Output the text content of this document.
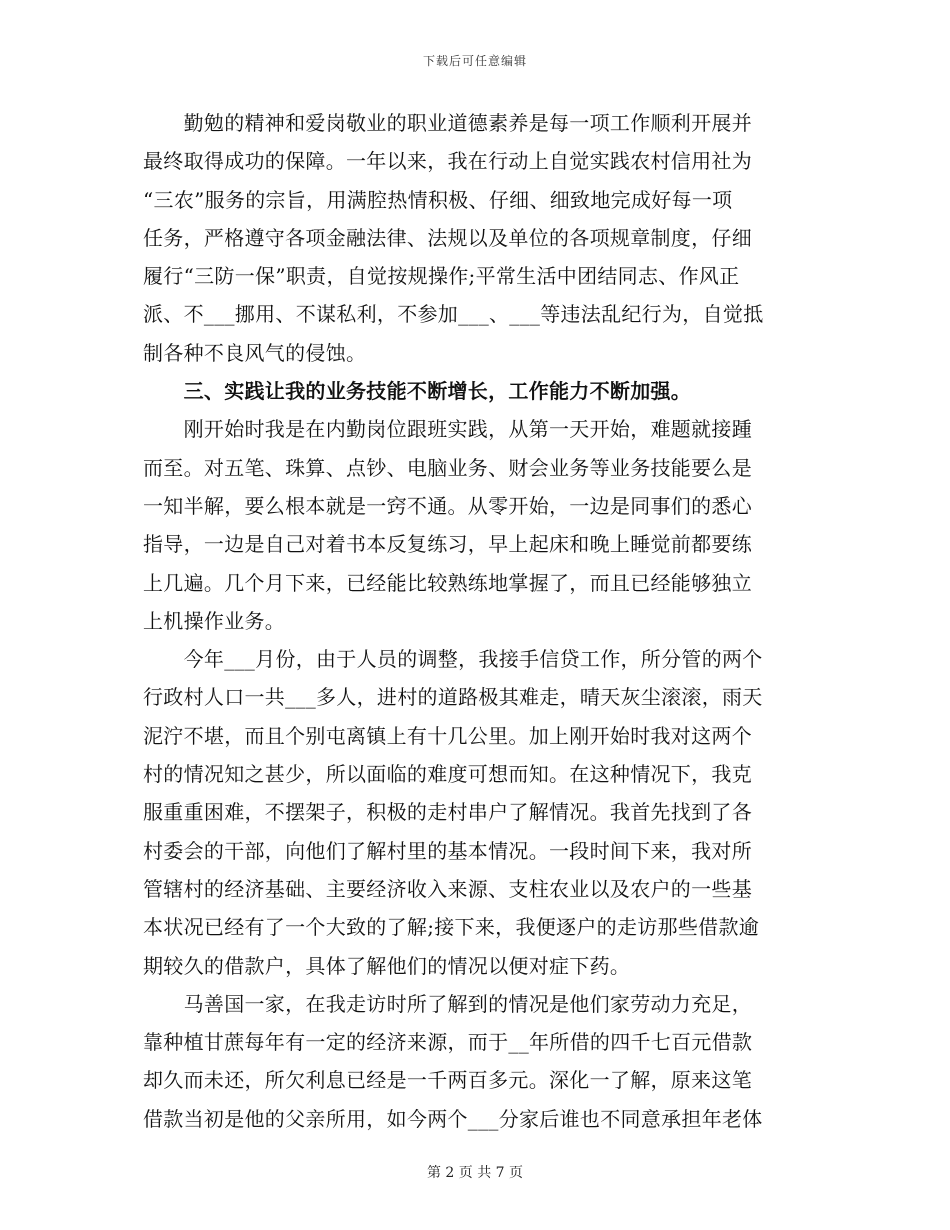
下载后可任意编辑
　　勤勉的精神和爱岗敬业的职业道德素养是每一项工作顺利开展并
最终取得成功的保障。一年以来，我在行动上自觉实践农村信用社为
“三农”服务的宗旨，用满腔热情积极、仔细、细致地完成好每一项
任务，严格遵守各项金融法律、法规以及单位的各项规章制度，仔细
履行“三防一保”职责，自觉按规操作;平常生活中团结同志、作风正
派、不___挪用、不谋私利，不参加___、___等违法乱纪行为，自觉抵
制各种不良风气的侵蚀。
　　三、实践让我的业务技能不断增长，工作能力不断加强。
　　刚开始时我是在内勤岗位跟班实践，从第一天开始，难题就接踵
而至。对五笔、珠算、点钞、电脑业务、财会业务等业务技能要么是
一知半解，要么根本就是一窍不通。从零开始，一边是同事们的悉心
指导，一边是自己对着书本反复练习，早上起床和晚上睡觉前都要练
上几遍。几个月下来，已经能比较熟练地掌握了，而且已经能够独立
上机操作业务。
　　今年___月份，由于人员的调整，我接手信贷工作，所分管的两个
行政村人口一共___多人，进村的道路极其难走，晴天灰尘滚滚，雨天
泥泞不堪，而且个别屯离镇上有十几公里。加上刚开始时我对这两个
村的情况知之甚少，所以面临的难度可想而知。在这种情况下，我克
服重重困难，不摆架子，积极的走村串户了解情况。我首先找到了各
村委会的干部，向他们了解村里的基本情况。一段时间下来，我对所
管辖村的经济基础、主要经济收入来源、支柱农业以及农户的一些基
本状况已经有了一个大致的了解;接下来，我便逐户的走访那些借款逾
期较久的借款户，具体了解他们的情况以便对症下药。
　　马善国一家，在我走访时所了解到的情况是他们家劳动力充足，
靠种植甘蔗每年有一定的经济来源，而于__年所借的四千七百元借款
却久而未还，所欠利息已经是一千两百多元。深化一了解，原来这笔
借款当初是他的父亲所用，如今两个___分家后谁也不同意承担年老体
第 2 页 共 7 页
